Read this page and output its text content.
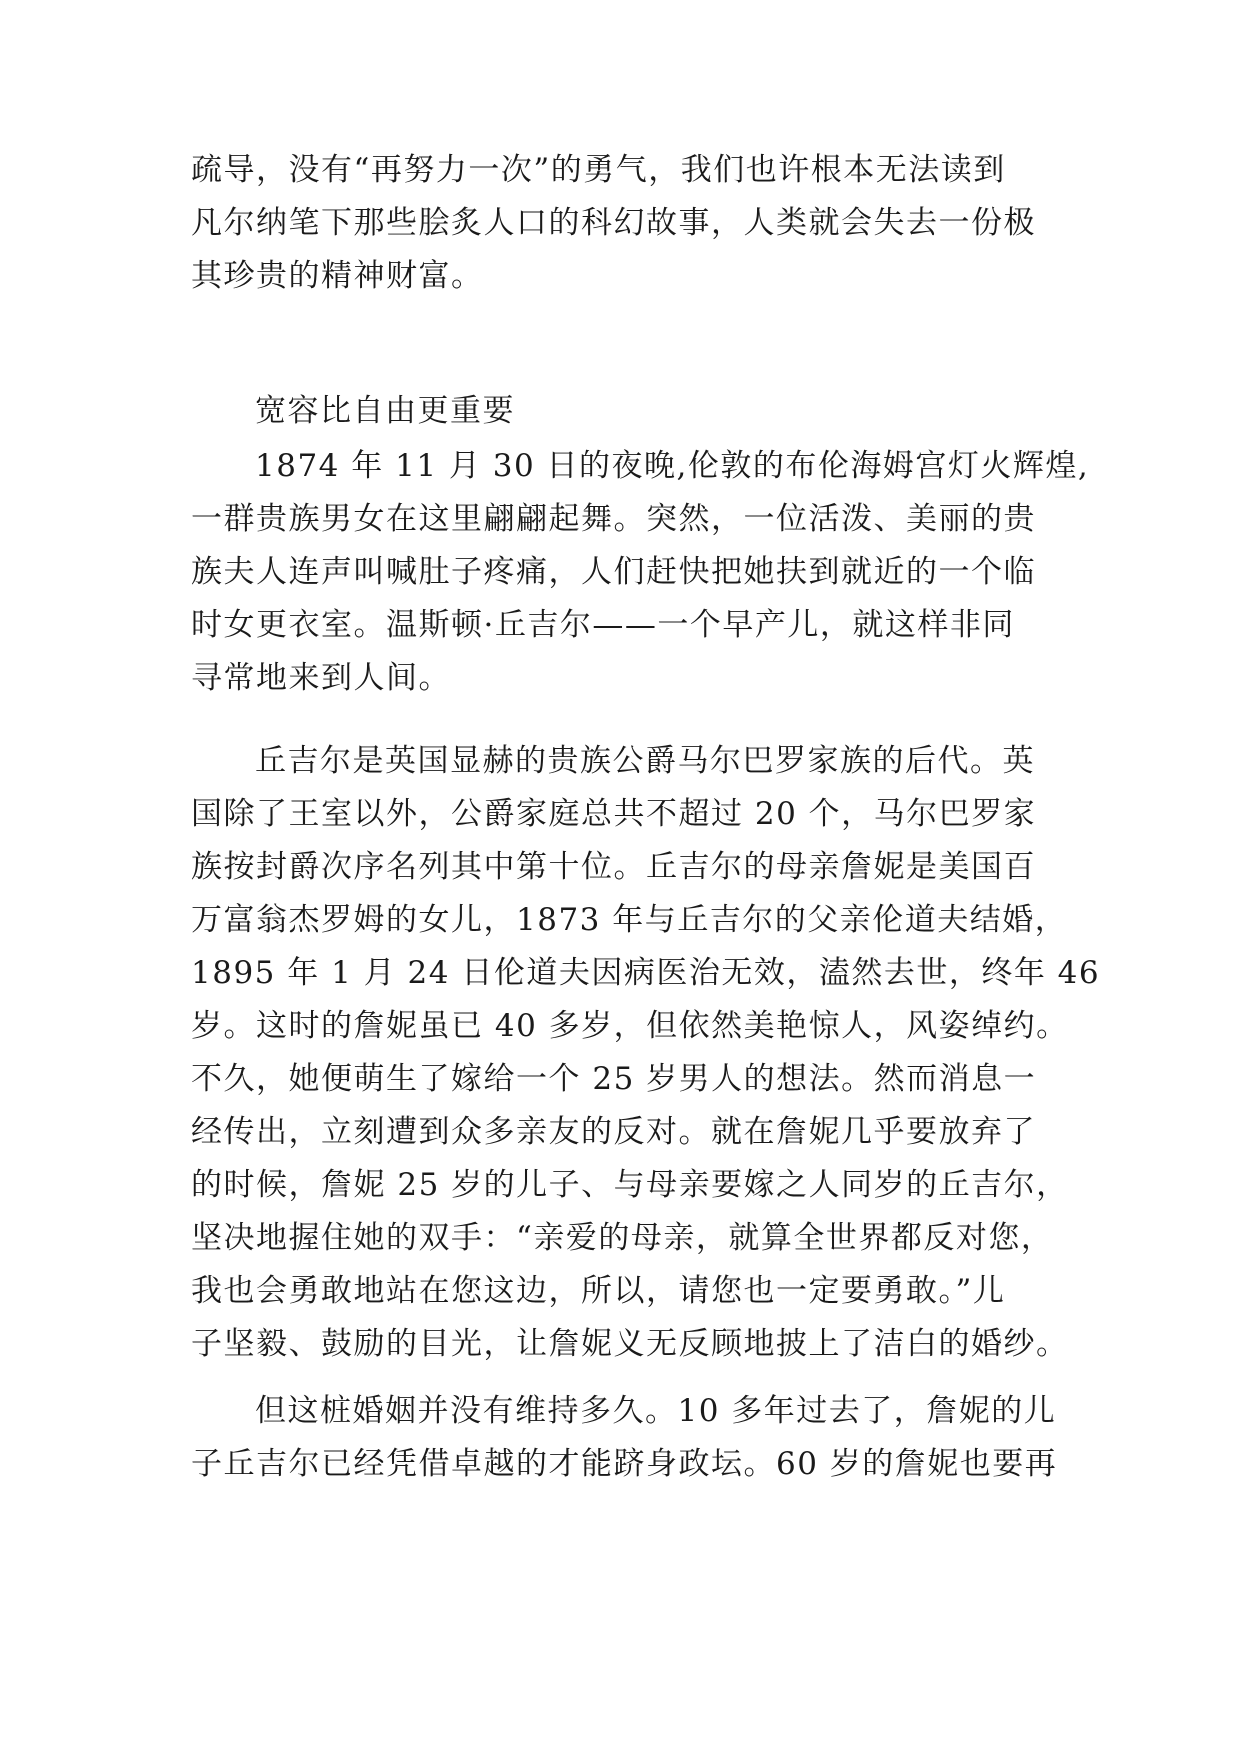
疏导，没有“再努力一次”的勇气，我们也许根本无法读到
凡尔纳笔下那些脍炙人口的科幻故事，人类就会失去一份极
其珍贵的精神财富。
宽容比自由更重要
1874 年 11 月 30 日的夜晚,伦敦的布伦海姆宫灯火辉煌,
一群贵族男女在这里翩翩起舞。突然，一位活泼、美丽的贵
族夫人连声叫喊肚子疼痛，人们赶快把她扶到就近的一个临
时女更衣室。温斯顿·丘吉尔——一个早产儿，就这样非同
寻常地来到人间。
丘吉尔是英国显赫的贵族公爵马尔巴罗家族的后代。英
国除了王室以外，公爵家庭总共不超过 20 个，马尔巴罗家
族按封爵次序名列其中第十位。丘吉尔的母亲詹妮是美国百
万富翁杰罗姆的女儿，1873 年与丘吉尔的父亲伦道夫结婚，
1895 年 1 月 24 日伦道夫因病医治无效，溘然去世，终年 46
岁。这时的詹妮虽已 40 多岁，但依然美艳惊人，风姿绰约。
不久，她便萌生了嫁给一个 25 岁男人的想法。然而消息一
经传出，立刻遭到众多亲友的反对。就在詹妮几乎要放弃了
的时候，詹妮 25 岁的儿子、与母亲要嫁之人同岁的丘吉尔，
坚决地握住她的双手：“亲爱的母亲，就算全世界都反对您，
我也会勇敢地站在您这边，所以，请您也一定要勇敢。”儿
子坚毅、鼓励的目光，让詹妮义无反顾地披上了洁白的婚纱。
但这桩婚姻并没有维持多久。10 多年过去了，詹妮的儿
子丘吉尔已经凭借卓越的才能跻身政坛。60 岁的詹妮也要再
